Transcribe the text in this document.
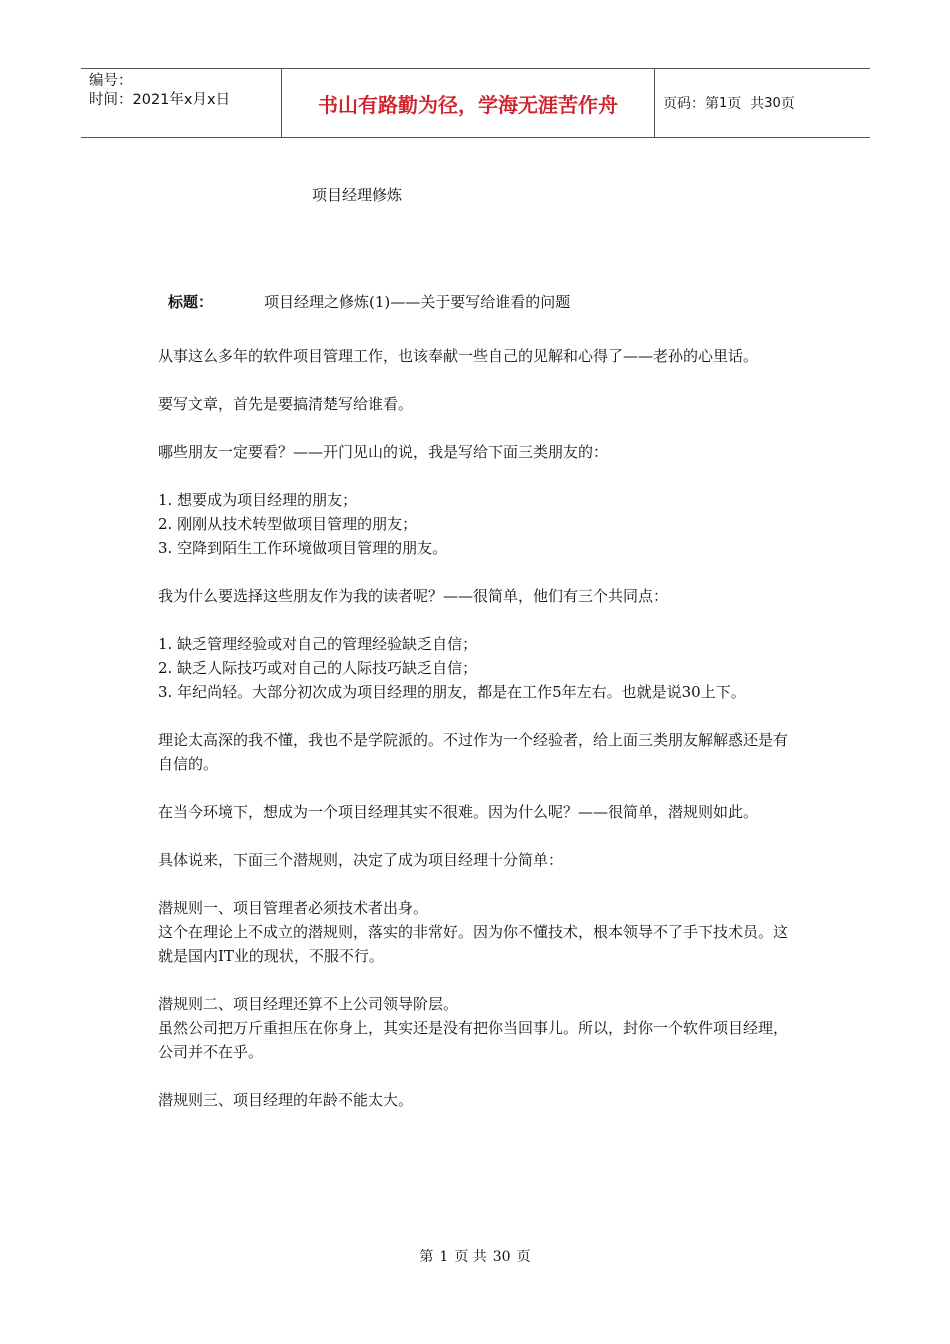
编号：
时间：2021年x月x日	书山有路勤为径，学海无涯苦作舟	页码：第 1 页  共 30 页
项目经理修炼
标题：	项目经理之修炼(1)——关于要写给谁看的问题

从事这么多年的软件项目管理工作，也该奉献一些自己的见解和心得了——老孙的心里话。

要写文章，首先是要搞清楚写给谁看。

哪些朋友一定要看？——开门见山的说，我是写给下面三类朋友的：

1. 想要成为项目经理的朋友；
2. 刚刚从技术转型做项目管理的朋友；
3. 空降到陌生工作环境做项目管理的朋友。

我为什么要选择这些朋友作为我的读者呢？——很简单，他们有三个共同点：

1. 缺乏管理经验或对自己的管理经验缺乏自信；
2. 缺乏人际技巧或对自己的人际技巧缺乏自信；
3. 年纪尚轻。大部分初次成为项目经理的朋友，都是在工作5年左右。也就是说30上下。

理论太高深的我不懂，我也不是学院派的。不过作为一个经验者，给上面三类朋友解解惑还是有自信的。

在当今环境下，想成为一个项目经理其实不很难。因为什么呢？——很简单，潜规则如此。

具体说来，下面三个潜规则，决定了成为项目经理十分简单：

潜规则一、项目管理者必须技术者出身。

这个在理论上不成立的潜规则，落实的非常好。因为你不懂技术，根本领导不了手下技术员。这就是国内IT业的现状，不服不行。

潜规则二、项目经理还算不上公司领导阶层。

虽然公司把万斤重担压在你身上，其实还是没有把你当回事儿。所以，封你一个软件项目经理，公司并不在乎。

潜规则三、项目经理的年龄不能太大。

第 1 页 共 30 页
